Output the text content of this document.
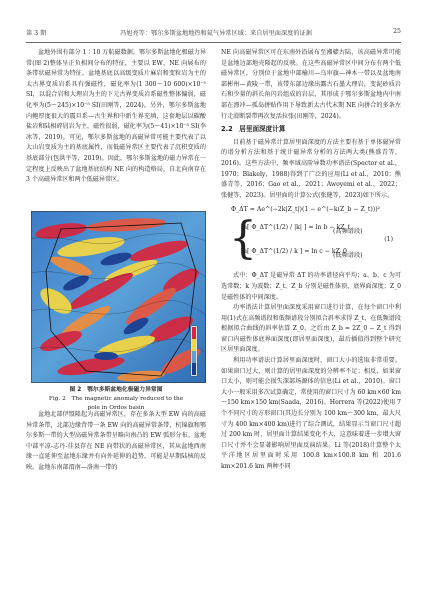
第 3 期	冯旭亮等：鄂尔多斯盆地地热和氦气异常区域：来自居里面深度的证据	25

盆地外围有部分 1∶10 万航磁数据。鄂尔多斯盆地化极磁力异常(图 2)整体呈正负相间分布的特征，主要以 EW、NE 向展布的条带状磁异常为特征。盆地基底以高级变质片麻岩和变粒岩为主的太古界变质岩系具有强磁性，磁化率为(1 300～10 600)×10⁻⁵ SI，以混合岩和大理岩为主的下元古界变质岩系磁性整体偏弱，磁化率为(5～245)×10⁻⁵ SI(田刚等，2024)。另外，鄂尔多斯盆地内鲍厚度很大的震旦系—古生界和中新生界充填，这套地层以碳酸盐岩和陆相碎屑岩为主，磁性很弱，磁化率为(5～41)×10⁻⁵ SI(李冰等，2019)。可见，鄂尔多斯盆地的高磁异常可能主要代表了以大山岩变质为主的基底属性，而低磁异常区主要代表了沉积变质的基底部分(包洪平等，2019)。因此，鄂尔多斯盆地的磁力异常在一定程度上反映出了盆地基底结构 NE 向的构造格局，自北向南存在 3 个高磁异常区和两个低磁异常区。

图 2　鄂尔多斯盆地化极磁力异常图
Fig. 2　The magnetic anomaly reduced to the
pole in Ordos basin

盆地北部伊盟隆起为高磁异常区，存在多条大型 EW 向的高磁异常条带，北部边缘背带一条 EW 向的高磁异常条带，杭锦旗和鄂尔多斯一带的大型高磁异常条带呈略向南凸的 EW 弧形分布。盆地中部平凉-志丹-佳县存在 NE 向带状的高磁异常区，其从盆地西南缘一直延伸至盆地东缘并有向外延伸的趋势，可能是早期陆核的反映。盆地东南部渭南—洛南一带的

NE 向高磁异常区可在东南外沿展布至湘赣古陆，该高磁异常可能是盆地边部地壳隆起的反映。在这些高磁异常区中间分布有两个低磁异常区，分别位于盆地中部榆川—乌审旗—神木一带以及盆地南部彬州—黄陵一带，该带东部边缘出露古石墨大理岩，变泥砂质岩石和少量的斜长角闪岩组成的岩层，其形成于鄂尔多斯盆地内中南部在漂冲—孤岛拼贴作用下导致新太古代末期 NE 向拼合的多条左行走滑断裂带再次复活拉张(田刚等，2024)。

2.2　居里面深度计算

目前基于磁异常计算居里面深度的方法主要有基于单体磁异常的谱分析方法和基于统计磁异常分析的方法两大类(熊盛青等，2016)。这些方法中，频率域高阶导数功率谱法(Spector et al.，1970；Blakely，1988)得到了广泛的应用(Li et al.，2010；熊盛青等，2016；Gao et al.，2021；Awoyemi et al.，2022；张健等，2023)。居里面的计算公式(张健等，2023)如下所示。

Φ_ΔT = Ae^(−2k|Z_t|)(1 − e^(−k(Z_b − Z_t)))²
{
ln[ Φ_ΔT^(1/2) / |k| ] = ln b − kZ_t
(高频谱段)
ln[ Φ_ΔT^(1/2) / k ] = ln c − kZ_0
(低频谱段)
(1)

式中：Φ_ΔT 是磁异常 ΔT 的功率谱径向平均；a、b、c 为可选常数；k 为波数；Z_t、Z_b 分别是磁性体顶、底界面深度；Z_0 是磁性体的中间深度。

功率谱法计算居里面深度采用窗口进行计算，在每个窗口中利用(1)式在高频谱段和低频谱段分别拟合斜率求得 Z_t，在低频谱段根据拟合曲线的斜率估算 Z_0，之后由 Z_b = 2Z_0 − Z_t 得到窗口内磁性体底界面深度(即居里面深度)，最后插值得到整个研究区居里面深度。

利用功率谱法计算居里面深度时，窗口大小的选取非常重要。如果窗口过大，则计算的居里面深度的分辨率不足；相反，如果窗口太小，则可能会损失深部场源体的信息(Li et al.，2010)。窗口大小一般采用多次试算确定，常使用的窗口尺寸为 60 km×60 km～150 km×150 km(Saada，2016)。Herrera 等(2022)使用 7 个不同尺寸的方形窗口(其边长分别为 100 km～300 km，最大尺寸为 400 km×400 km)进行了综合测试，结果显示当窗口尺寸超过 200 km 时，居里面计算结果变化不大，这意味着进一步增大窗口尺寸并不会显著影响居里面反演结果。Li 等(2018)计算整个太平洋地区居里面时采用 100.8 km×100.8 km 和 201.6 km×201.6 km 两种不同
